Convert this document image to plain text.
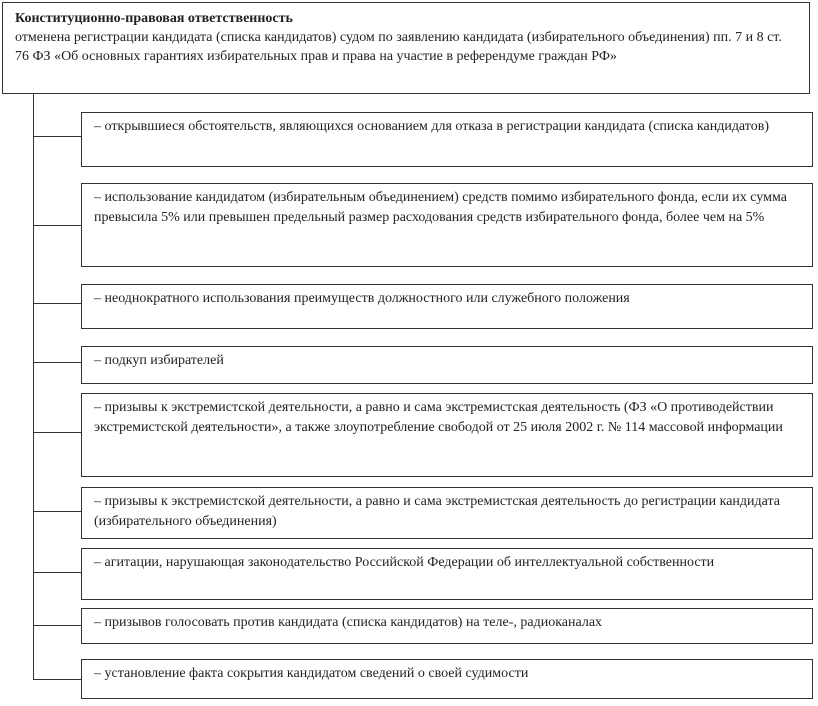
Конституционно-правовая ответственность
отменена регистрации кандидата (списка кандидатов) судом по заявлению кандидата (избирательного объединения) пп. 7 и 8 ст. 76 ФЗ «Об основных гарантиях избирательных прав и права на участие в референдуме граждан РФ»
– открывшиеся обстоятельств, являющихся основанием для отказа в регистрации кандидата (списка кандидатов)
– использование кандидатом (избирательным объединением) средств помимо избирательного фонда, если их сумма превысила 5% или превышен предельный размер расходования средств избирательного фонда, более чем на 5%
– неоднократного использования преимуществ должностного или служебного положения
– подкуп избирателей
– призывы к экстремистской деятельности, а равно и сама экстремистская деятельность (ФЗ «О противодействии экстремистской деятельности», а также злоупотребление свободой от 25 июля 2002 г. № 114 массовой информации
– призывы к экстремистской деятельности, а равно и сама экстремистская деятельность до регистрации кандидата (избирательного объединения)
– агитации, нарушающая законодательство Российской Федерации об интеллектуальной собственности
– призывов голосовать против кандидата (списка кандидатов) на теле-, радиоканалах
– установление факта сокрытия кандидатом сведений о своей судимости
